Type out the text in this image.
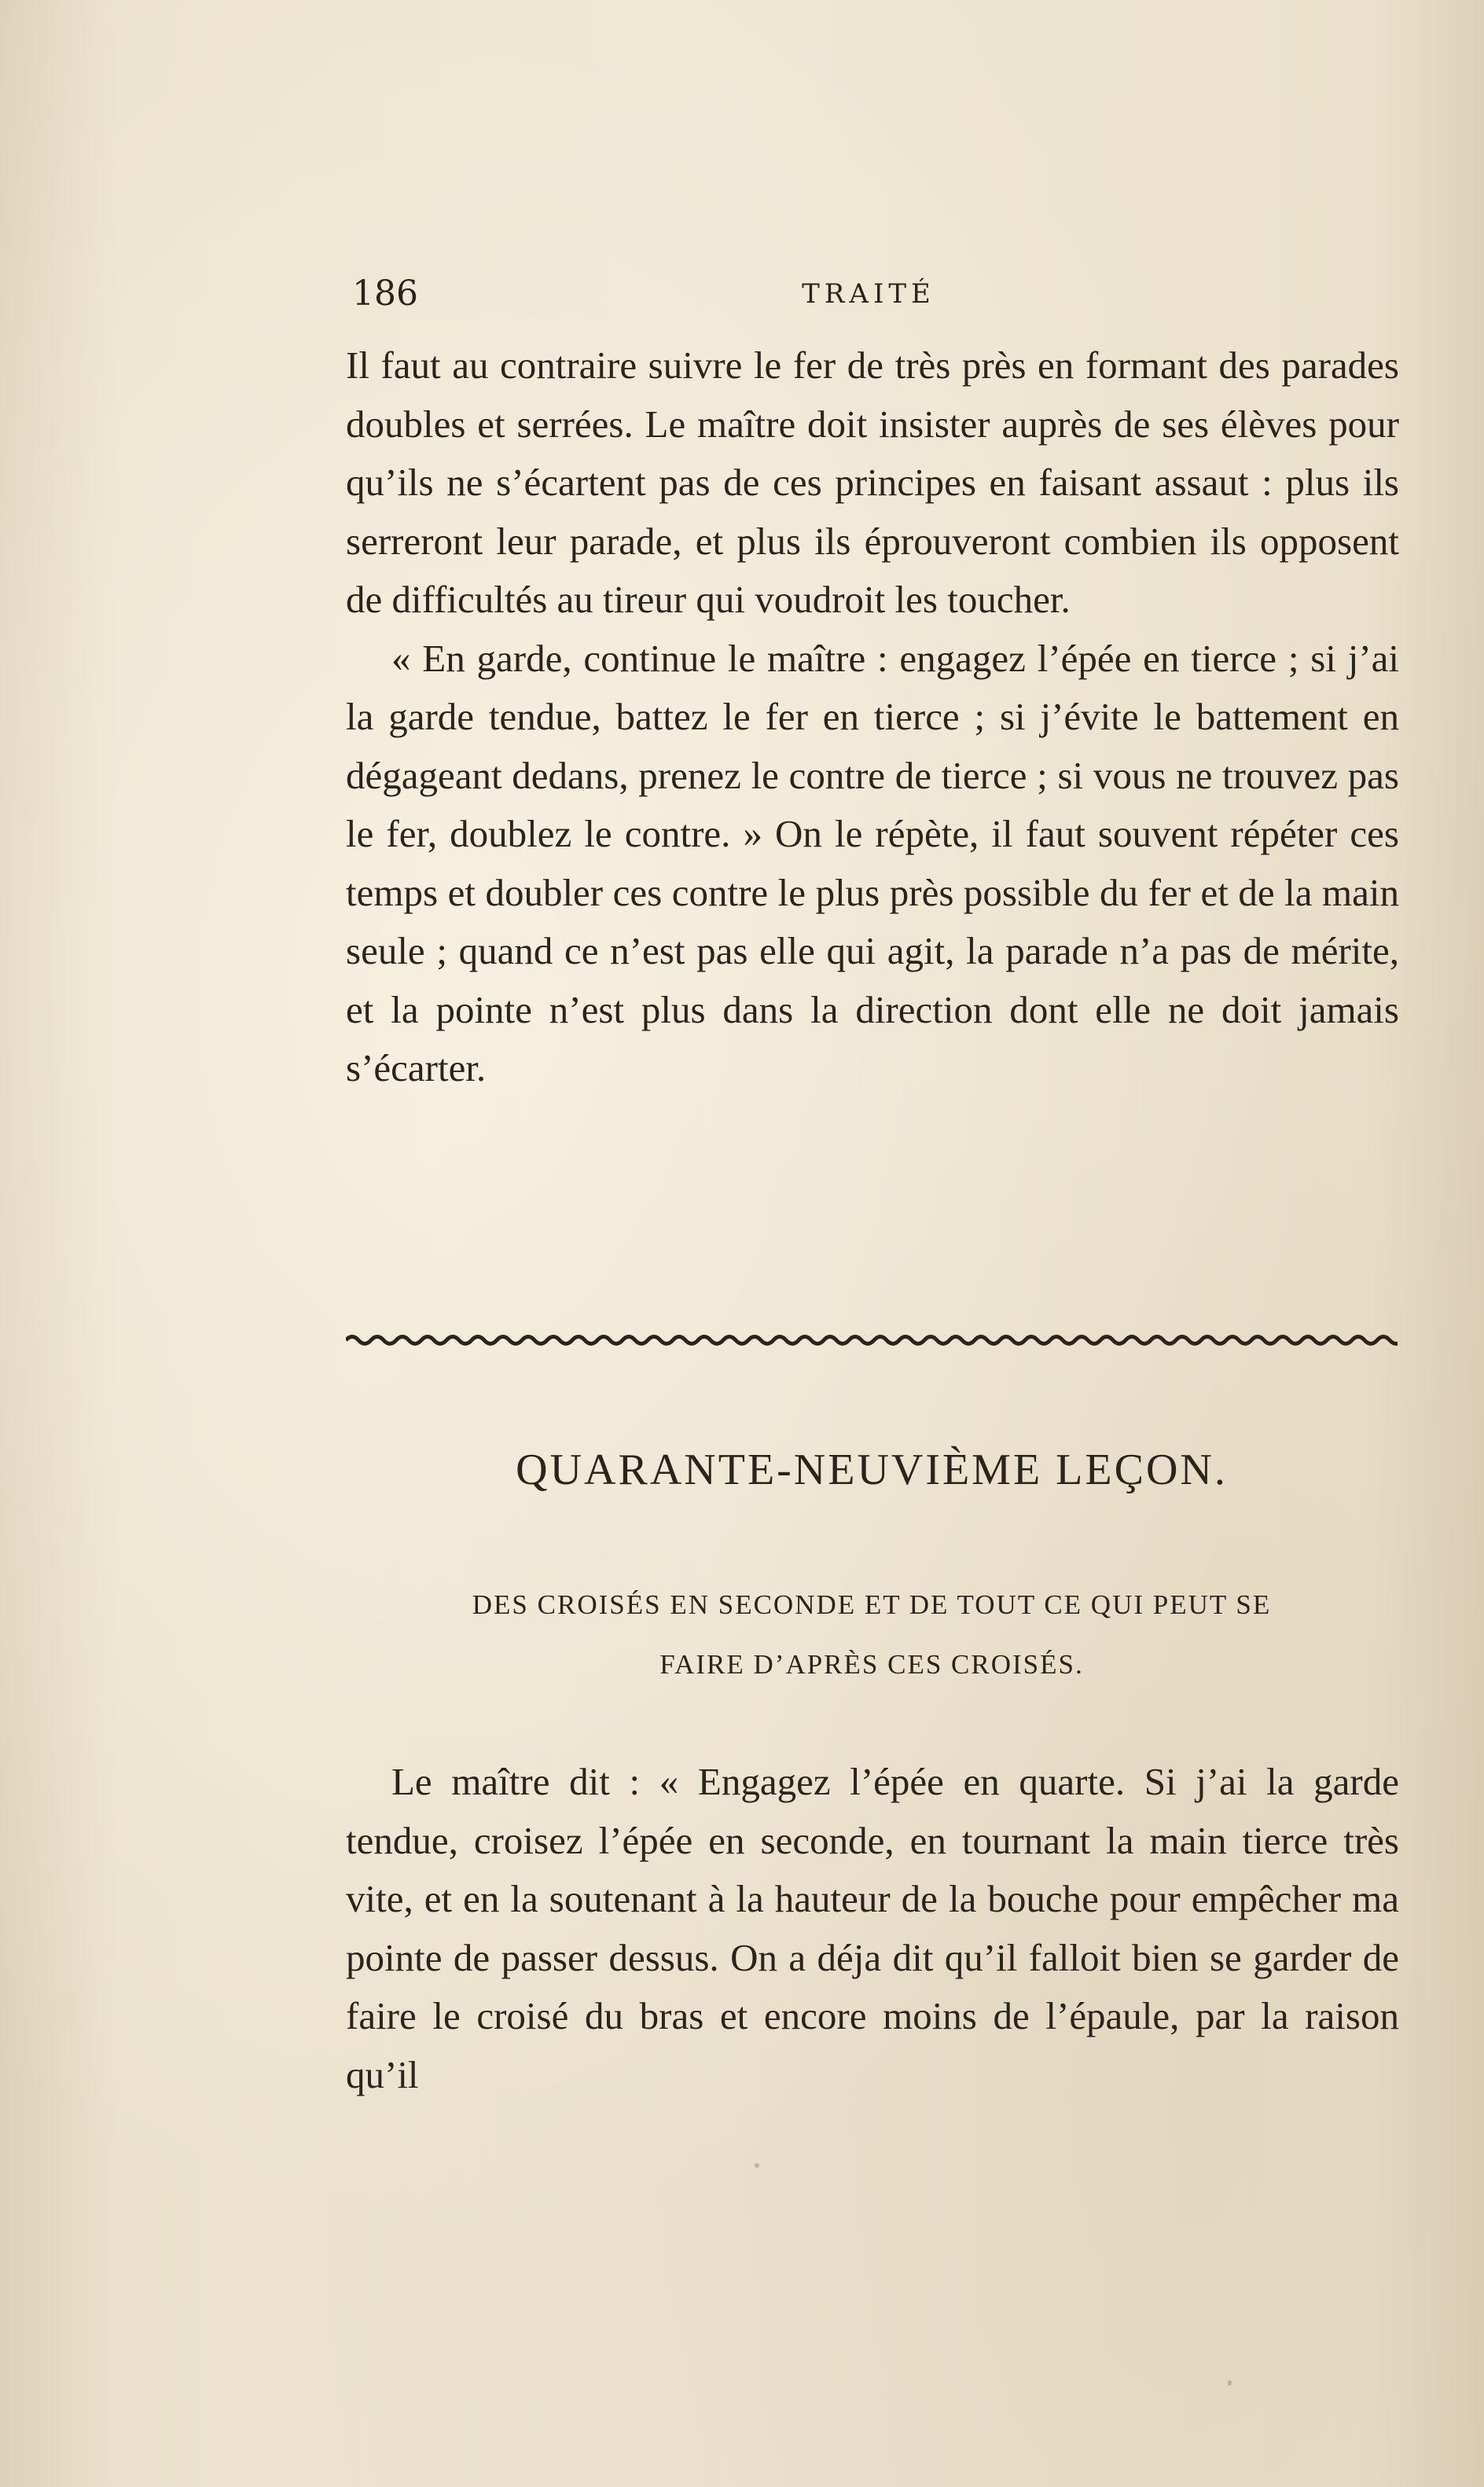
186	TRAITÉ

Il faut au contraire suivre le fer de très près en formant des parades doubles et serrées. Le maître doit insister auprès de ses élèves pour qu’ils ne s’écartent pas de ces principes en faisant assaut : plus ils serreront leur parade, et plus ils éprouveront combien ils opposent de difficultés au tireur qui voudroit les toucher.

« En garde, continue le maître : engagez l’épée en tierce ; si j’ai la garde tendue, battez le fer en tierce ; si j’évite le battement en dégageant dedans, prenez le contre de tierce ; si vous ne trouvez pas le fer, doublez le contre. » On le répète, il faut souvent répéter ces temps et doubler ces contre le plus près possible du fer et de la main seule ; quand ce n’est pas elle qui agit, la parade n’a pas de mérite, et la pointe n’est plus dans la direction dont elle ne doit jamais s’écarter.

QUARANTE-NEUVIÈME LEÇON.
DES CROISÉS EN SECONDE ET DE TOUT CE QUI PEUT SE
FAIRE D’APRÈS CES CROISÉS.

Le maître dit : « Engagez l’épée en quarte. Si j’ai la garde tendue, croisez l’épée en seconde, en tournant la main tierce très vite, et en la soutenant à la hauteur de la bouche pour empêcher ma pointe de passer dessus. On a déja dit qu’il falloit bien se garder de faire le croisé du bras et encore moins de l’épaule, par la raison qu’il
